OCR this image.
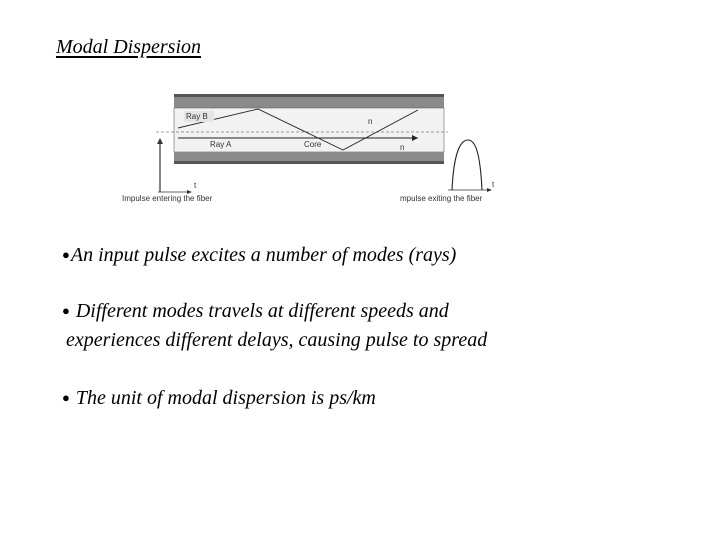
Modal Dispersion
Ray B
Ray A	Core
n
n
t
Impulse entering the fiber
t
mpulse exiting the fiber
●An input pulse excites a number of modes (rays)
● Different modes travels at different speeds and
experiences different delays, causing pulse to spread
● The unit of modal dispersion is ps/km
